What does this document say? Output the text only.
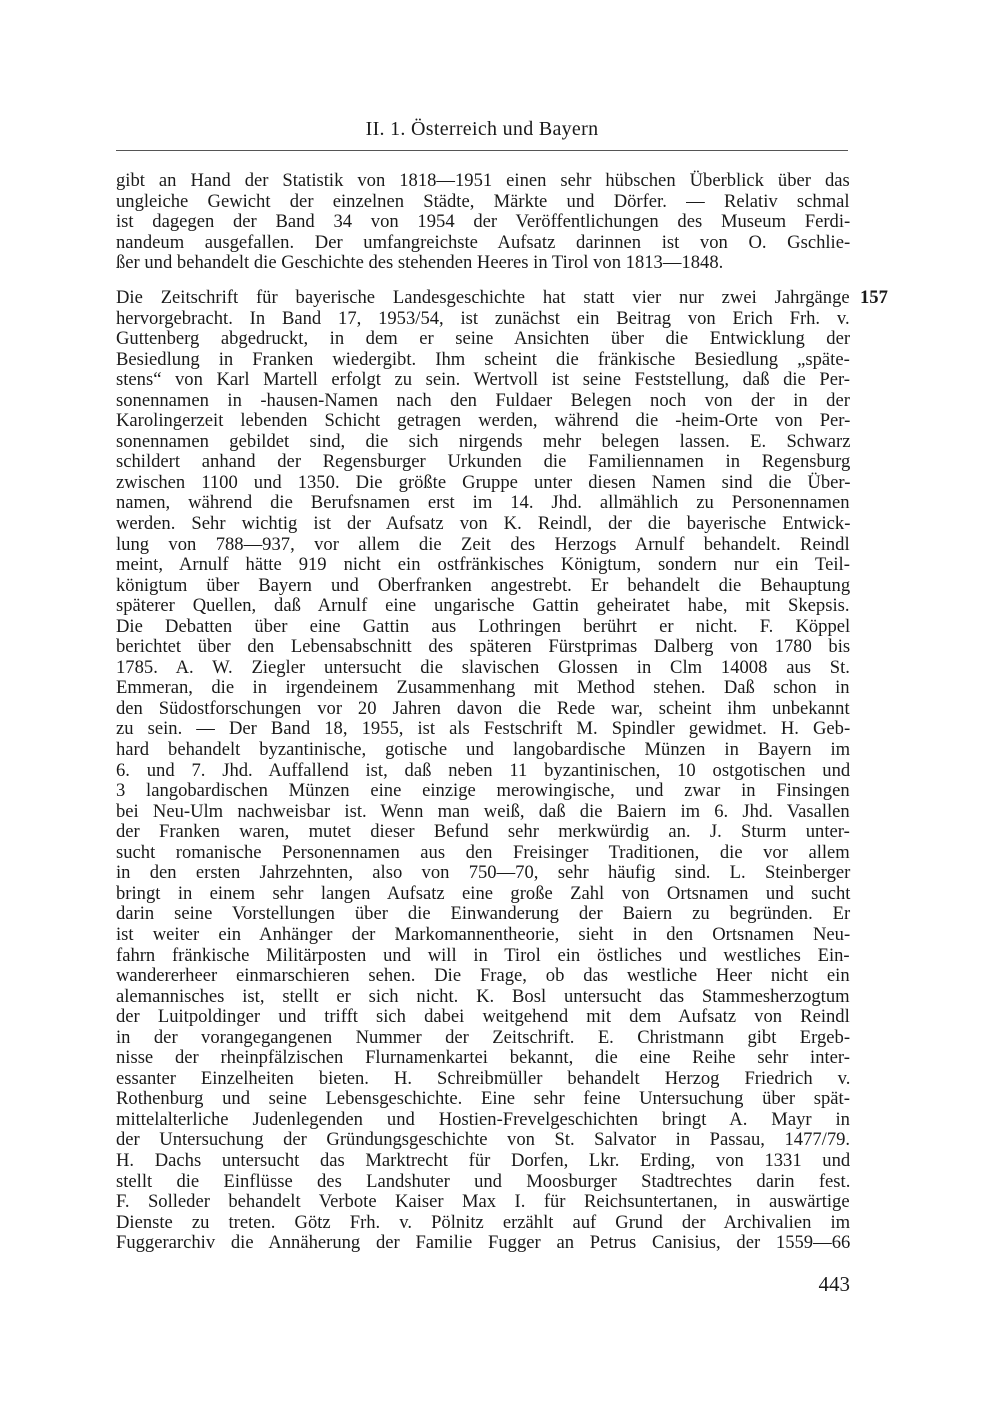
II. 1. Österreich und Bayern
gibt an Hand der Statistik von 1818—1951 einen sehr hübschen Überblick über das
ungleiche Gewicht der einzelnen Städte, Märkte und Dörfer. — Relativ schmal
ist dagegen der Band 34 von 1954 der Veröffentlichungen des Museum Ferdi-
nandeum ausgefallen. Der umfangreichste Aufsatz darinnen ist von O. Gschlie-
ßer und behandelt die Geschichte des stehenden Heeres in Tirol von 1813—1848.
157
Die Zeitschrift für bayerische Landesgeschichte hat statt vier nur zwei Jahrgänge
hervorgebracht. In Band 17, 1953/54, ist zunächst ein Beitrag von Erich Frh. v.
Guttenberg abgedruckt, in dem er seine Ansichten über die Entwicklung der
Besiedlung in Franken wiedergibt. Ihm scheint die fränkische Besiedlung „späte-
stens“ von Karl Martell erfolgt zu sein. Wertvoll ist seine Feststellung, daß die Per-
sonennamen in -hausen-Namen nach den Fuldaer Belegen noch von der in der
Karolingerzeit lebenden Schicht getragen werden, während die -heim-Orte von Per-
sonennamen gebildet sind, die sich nirgends mehr belegen lassen. E. Schwarz
schildert anhand der Regensburger Urkunden die Familiennamen in Regensburg
zwischen 1100 und 1350. Die größte Gruppe unter diesen Namen sind die Über-
namen, während die Berufsnamen erst im 14. Jhd. allmählich zu Personennamen
werden. Sehr wichtig ist der Aufsatz von K. Reindl, der die bayerische Entwick-
lung von 788—937, vor allem die Zeit des Herzogs Arnulf behandelt. Reindl
meint, Arnulf hätte 919 nicht ein ostfränkisches Königtum, sondern nur ein Teil-
königtum über Bayern und Oberfranken angestrebt. Er behandelt die Behauptung
späterer Quellen, daß Arnulf eine ungarische Gattin geheiratet habe, mit Skepsis.
Die Debatten über eine Gattin aus Lothringen berührt er nicht. F. Köppel
berichtet über den Lebensabschnitt des späteren Fürstprimas Dalberg von 1780 bis
1785. A. W. Ziegler untersucht die slavischen Glossen in Clm 14008 aus St.
Emmeran, die in irgendeinem Zusammenhang mit Method stehen. Daß schon in
den Südostforschungen vor 20 Jahren davon die Rede war, scheint ihm unbekannt
zu sein. — Der Band 18, 1955, ist als Festschrift M. Spindler gewidmet. H. Geb-
hard behandelt byzantinische, gotische und langobardische Münzen in Bayern im
6. und 7. Jhd. Auffallend ist, daß neben 11 byzantinischen, 10 ostgotischen und
3 langobardischen Münzen eine einzige merowingische, und zwar in Finsingen
bei Neu-Ulm nachweisbar ist. Wenn man weiß, daß die Baiern im 6. Jhd. Vasallen
der Franken waren, mutet dieser Befund sehr merkwürdig an. J. Sturm unter-
sucht romanische Personennamen aus den Freisinger Traditionen, die vor allem
in den ersten Jahrzehnten, also von 750—70, sehr häufig sind. L. Steinberger
bringt in einem sehr langen Aufsatz eine große Zahl von Ortsnamen und sucht
darin seine Vorstellungen über die Einwanderung der Baiern zu begründen. Er
ist weiter ein Anhänger der Markomannentheorie, sieht in den Ortsnamen Neu-
fahrn fränkische Militärposten und will in Tirol ein östliches und westliches Ein-
wandererheer einmarschieren sehen. Die Frage, ob das westliche Heer nicht ein
alemannisches ist, stellt er sich nicht. K. Bosl untersucht das Stammesherzogtum
der Luitpoldinger und trifft sich dabei weitgehend mit dem Aufsatz von Reindl
in der vorangegangenen Nummer der Zeitschrift. E. Christmann gibt Ergeb-
nisse der rheinpfälzischen Flurnamenkartei bekannt, die eine Reihe sehr inter-
essanter Einzelheiten bieten. H. Schreibmüller behandelt Herzog Friedrich v.
Rothenburg und seine Lebensgeschichte. Eine sehr feine Untersuchung über spät-
mittelalterliche Judenlegenden und Hostien-Frevelgeschichten bringt A. Mayr in
der Untersuchung der Gründungsgeschichte von St. Salvator in Passau, 1477/79.
H. Dachs untersucht das Marktrecht für Dorfen, Lkr. Erding, von 1331 und
stellt die Einflüsse des Landshuter und Moosburger Stadtrechtes darin fest.
F. Solleder behandelt Verbote Kaiser Max I. für Reichsuntertanen, in auswärtige
Dienste zu treten. Götz Frh. v. Pölnitz erzählt auf Grund der Archivalien im
Fuggerarchiv die Annäherung der Familie Fugger an Petrus Canisius, der 1559—66
443
